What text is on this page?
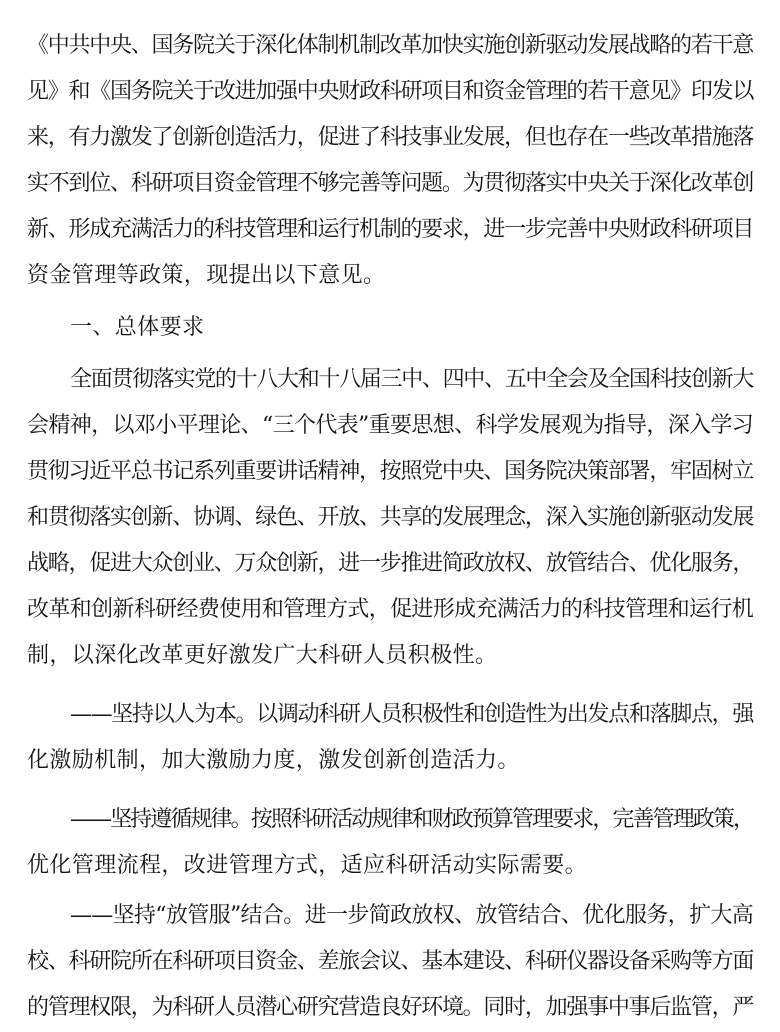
《中共中央、国务院关于深化体制机制改革加快实施创新驱动发展战略的若干意
见》和《国务院关于改进加强中央财政科研项目和资金管理的若干意见》印发以
来，有力激发了创新创造活力，促进了科技事业发展，但也存在一些改革措施落
实不到位、科研项目资金管理不够完善等问题。为贯彻落实中央关于深化改革创
新、形成充满活力的科技管理和运行机制的要求，进一步完善中央财政科研项目
资金管理等政策，现提出以下意见。
一、总体要求
全面贯彻落实党的十八大和十八届三中、四中、五中全会及全国科技创新大
会精神，以邓小平理论、“三个代表”重要思想、科学发展观为指导，深入学习
贯彻习近平总书记系列重要讲话精神，按照党中央、国务院决策部署，牢固树立
和贯彻落实创新、协调、绿色、开放、共享的发展理念，深入实施创新驱动发展
战略，促进大众创业、万众创新，进一步推进简政放权、放管结合、优化服务，
改革和创新科研经费使用和管理方式，促进形成充满活力的科技管理和运行机
制，以深化改革更好激发广大科研人员积极性。
——坚持以人为本。以调动科研人员积极性和创造性为出发点和落脚点，强
化激励机制，加大激励力度，激发创新创造活力。
——坚持遵循规律。按照科研活动规律和财政预算管理要求，完善管理政策，
优化管理流程，改进管理方式，适应科研活动实际需要。
——坚持“放管服”结合。进一步简政放权、放管结合、优化服务，扩大高
校、科研院所在科研项目资金、差旅会议、基本建设、科研仪器设备采购等方面
的管理权限，为科研人员潜心研究营造良好环境。同时，加强事中事后监管，严
